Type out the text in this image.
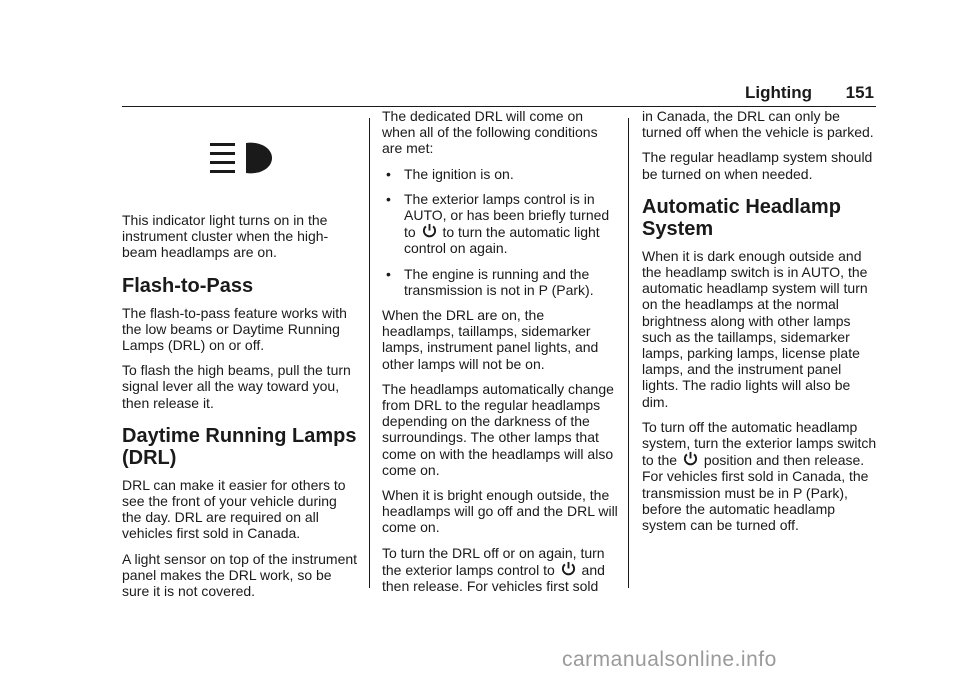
Lighting 151

This indicator light turns on in the instrument cluster when the high-beam headlamps are on.

Flash-to-Pass

The flash-to-pass feature works with the low beams or Daytime Running Lamps (DRL) on or off.

To flash the high beams, pull the turn signal lever all the way toward you, then release it.

Daytime Running Lamps (DRL)

DRL can make it easier for others to see the front of your vehicle during the day. DRL are required on all vehicles first sold in Canada.

A light sensor on top of the instrument panel makes the DRL work, so be sure it is not covered.

The dedicated DRL will come on when all of the following conditions are met:

• The ignition is on.
• The exterior lamps control is in AUTO, or has been briefly turned to to turn the automatic light control on again.
• The engine is running and the transmission is not in P (Park).

When the DRL are on, the headlamps, taillamps, sidemarker lamps, instrument panel lights, and other lamps will not be on.

The headlamps automatically change from DRL to the regular headlamps depending on the darkness of the surroundings. The other lamps that come on with the headlamps will also come on.

When it is bright enough outside, the headlamps will go off and the DRL will come on.

To turn the DRL off or on again, turn the exterior lamps control to and then release. For vehicles first sold

in Canada, the DRL can only be turned off when the vehicle is parked.

The regular headlamp system should be turned on when needed.

Automatic Headlamp System

When it is dark enough outside and the headlamp switch is in AUTO, the automatic headlamp system will turn on the headlamps at the normal brightness along with other lamps such as the taillamps, sidemarker lamps, parking lamps, license plate lamps, and the instrument panel lights. The radio lights will also be dim.

To turn off the automatic headlamp system, turn the exterior lamps switch to the position and then release. For vehicles first sold in Canada, the transmission must be in P (Park), before the automatic headlamp system can be turned off.

carmanualsonline.info
